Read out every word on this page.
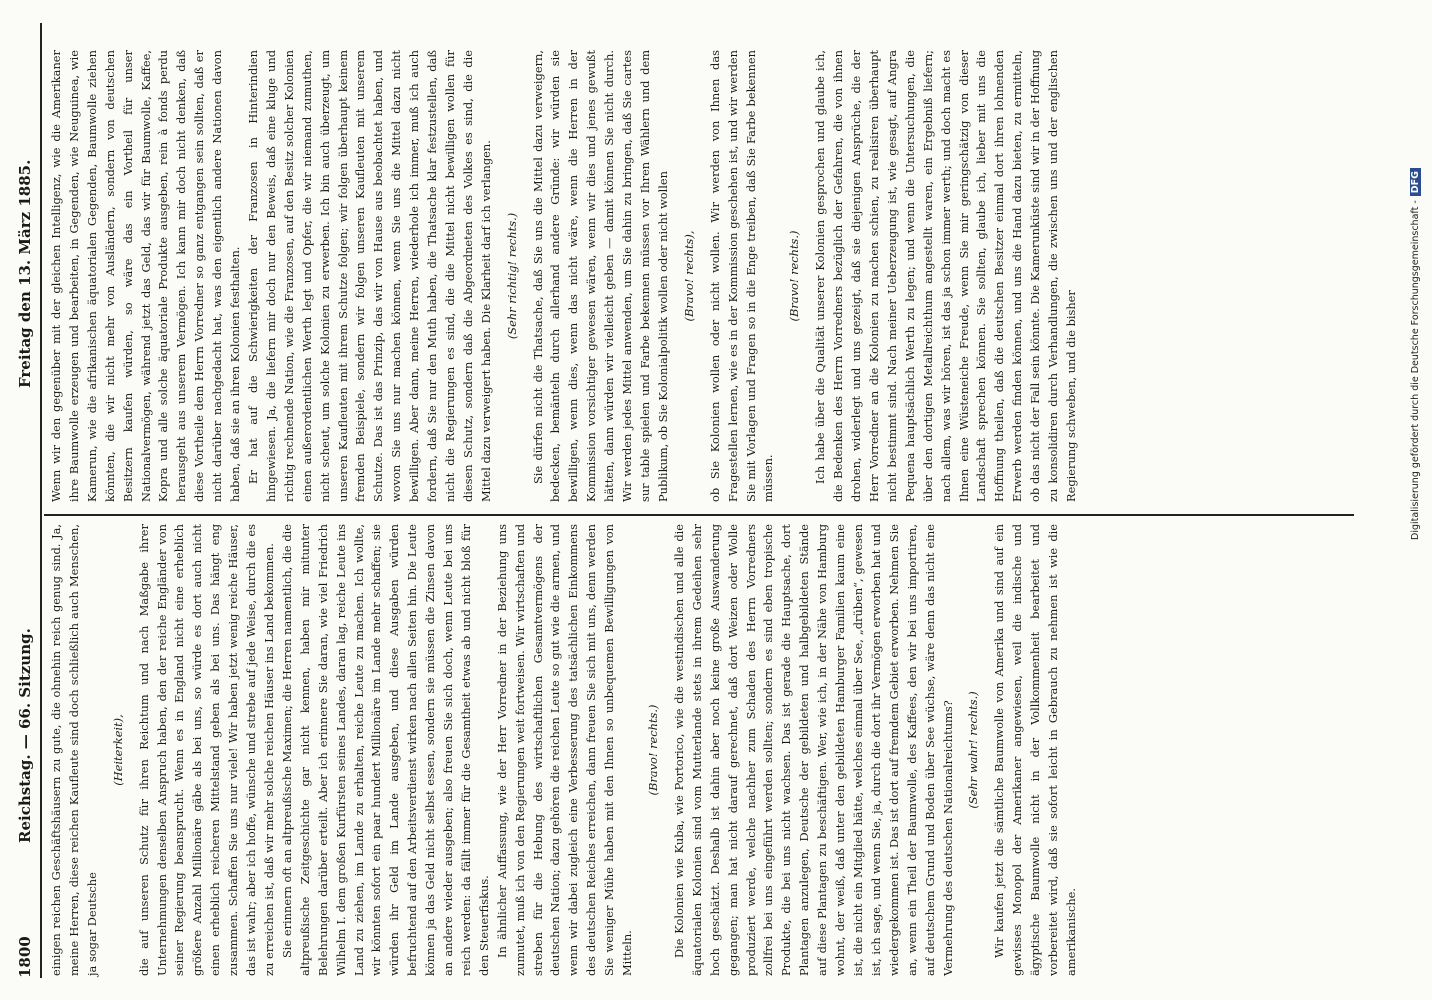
1800
Reichstag. — 66. Sitzung.
Freitag den 13. März 1885.

einigen reichen Geschäftshäusern zu gute, die ohnehin reich genug sind. Ja, meine Herren, diese reichen Kaufleute sind doch schließlich auch Menschen, ja sogar Deutsche

(Heiterkeit), die auf unseren Schutz für ihren Reichtum und nach Maßgabe ihrer Unternehmungen denselben Anspruch haben, den der reiche Engländer von seiner Regierung beansprucht. Wenn es in England nicht eine erheblich größere Anzahl Millionäre gäbe als bei uns, so würde es dort auch nicht einen erheblich reicheren Mittelstand geben als bei uns. Das hängt eng zusammen. Schaffen Sie uns nur viele! Wir haben jetzt wenig reiche Häuser, das ist wahr; aber ich hoffe, wünsche und strebe auf jede Weise, durch die es zu erreichen ist, daß wir mehr solche reichen Häuser ins Land bekommen. Sie erinnern oft an altpreußische Maximen; die Herren namentlich, die die altpreußische Zeitgeschichte gar nicht kennen, haben mir mitunter Belehrungen darüber erteilt. Aber ich erinnere Sie daran, wie viel Friedrich Wilhelm I. dem großen Kurfürsten seines Landes, daran lag, reiche Leute ins Land zu ziehen, im Lande zu erhalten, reiche Leute zu machen. Ich wollte, wir könnten sofort ein paar hundert Millionäre im Lande mehr schaffen; sie würden ihr Geld im Lande ausgeben, und diese Ausgaben würden befruchtend auf den Arbeitsverdienst wirken nach allen Seiten hin. Die Leute können ja das Geld nicht selbst essen, sondern sie müssen die Zinsen davon an andere wieder ausgeben; also freuen Sie sich doch, wenn Leute bei uns reich werden: da fällt immer für die Gesamtheit etwas ab und nicht bloß für den Steuerfiskus. In ähnlicher Auffassung, wie der Herr Vorredner in der Beziehung uns zumutet, muß ich von den Regierungen weit fortweisen. Wir wirtschaften und streben für die Hebung des wirtschaftlichen Gesamtvermögens der deutschen Nation; dazu gehören die reichen Leute so gut wie die armen, und wenn wir dabei zugleich eine Verbesserung des tatsächlichen Einkommens des deutschen Reiches erreichen, dann freuen Sie sich mit uns, denn werden Sie weniger Mühe haben mit den Ihnen so unbequemen Bewilligungen von Mitteln.

(Bravo! rechts.) Die Kolonien wie Kuba, wie Portorico, wie die westindischen und alle die äquatorialen Kolonien sind vom Mutterlande stets in ihrem Gedeihen sehr hoch geschätzt. Deshalb ist dahin aber noch keine große Auswanderung gegangen; man hat nicht darauf gerechnet, daß dort Weizen oder Wolle produziert werde, welche nachher zum Schaden des Herrn Vorredners zollfrei bei uns eingeführt werden sollten; sondern es sind eben tropische Produkte, die bei uns nicht wachsen. Das ist gerade die Hauptsache, dort Plantagen anzulegen, Deutsche der gebildeten und halbgebildeten Stände auf diese Plantagen zu beschäftigen. Wer, wie ich, in der Nähe von Hamburg wohnt, der weiß, daß unter den gebildeten Hamburger Familien kaum eine ist, die nicht ein Mitglied hätte, welches einmal über See, „drüben“, gewesen ist, ich sage, und wenn Sie, ja, durch die dort ihr Vermögen erworben hat und wiedergekommen ist. Das ist dort auf fremdem Gebiet erworben. Nehmen Sie an, wenn ein Theil der Baumwolle, des Kaffees, den wir bei uns importiren, auf deutschem Grund und Boden über See wüchse, wäre denn das nicht eine Vermehrung des deutschen Nationalreichtums? (Sehr wahr! rechts.) Wir kaufen jetzt die sämtliche Baumwolle von Amerika und sind auf ein gewisses Monopol der Amerikaner angewiesen, weil die indische und ägyptische Baumwolle nicht in der Vollkommenheit bearbeitet und vorbereitet wird, daß sie sofort leicht in Gebrauch zu nehmen ist wie die amerikanische.

Wenn wir den gegenüber mit der gleichen Intelligenz, wie die Amerikaner ihre Baumwolle erzeugen und bearbeiten, in Gegenden, wie Neuguinea, wie Kamerun, wie die afrikanischen äquatorialen Gegenden, Baumwolle ziehen könnten, die wir nicht mehr von Ausländern, sondern von deutschen Besitzern kaufen würden, so wäre das ein Vortheil für unser Nationalvermögen, während jetzt das Geld, das wir für Baumwolle, Kaffee, Kopra und alle solche äquatoriale Produkte ausgeben, rein à fonds perdu herausgeht aus unserem Vermögen. Ich kann mir doch nicht denken, daß diese Vortheile dem Herrn Vorredner so ganz entgangen sein sollten, daß er nicht darüber nachgedacht hat, was den eigentlich andere Nationen davon haben, daß sie an ihren Kolonien festhalten. Er hat auf die Schwierigkeiten der Franzosen in Hinterindien hingewiesen. Ja, die liefern mir doch nur den Beweis, daß eine kluge und richtig rechnende Nation, wie die Franzosen, auf den Besitz solcher Kolonien einen außerordentlichen Werth legt und Opfer, die wir niemand zumuthen, nicht scheut, um solche Kolonien zu erwerben. Ich bin auch überzeugt, um unseren Kaufleuten mit ihrem Schutze folgen; wir folgen überhaupt keinem fremden Beispiele, sondern wir folgen unseren Kaufleuten mit unserem Schutze. Das ist das Prinzip, das wir von Hause aus beobachtet haben, und wovon Sie uns nur machen können, wenn Sie uns die Mittel dazu nicht bewilligen. Aber dann, meine Herren, wiederhole ich immer, muß ich auch fordern, daß Sie nur den Muth haben, die Thatsache klar festzustellen, daß nicht die Regierungen es sind, die die Mittel nicht bewilligen wollen für diesen Schutz, sondern daß die Abgeordneten des Volkes es sind, die die Mittel dazu verweigert haben. Die Klarheit darf ich verlangen. (Sehr richtig! rechts.) Sie dürfen nicht die Thatsache, daß Sie uns die Mittel dazu verweigern, bedecken, bemänteln durch allerhand andere Gründe: wir würden sie bewilligen, wenn dies, wenn das nicht wäre, wenn die Herren in der Kommission vorsichtiger gewesen wären, wenn wir dies und jenes gewußt hätten, dann würden wir vielleicht geben — damit können Sie nicht durch. Wir werden jedes Mittel anwenden, um Sie dahin zu bringen, daß Sie cartes sur table spielen und Farbe bekennen müssen vor Ihren Wählern und dem Publikum, ob Sie Kolonialpolitik wollen oder nicht wollen (Bravo! rechts), ob Sie Kolonien wollen oder nicht wollen. Wir werden von Ihnen das Fragestellen lernen, wie es in der Kommission geschehen ist, und wir werden Sie mit Vorlagen und Fragen so in die Enge treiben, daß Sie Farbe bekennen müssen.

(Bravo! rechts.) Ich habe über die Qualität unserer Kolonien gesprochen und glaube ich, die Bedenken des Herrn Vorredners bezüglich der Gefahren, die von ihnen drohen, widerlegt und uns gezeigt, daß sie diejenigen Ansprüche, die der Herr Vorredner an die Kolonien zu machen schien, zu realisiren überhaupt nicht bestimmt sind. Nach meiner Ueberzeugung ist, wie gesagt, auf Angra Pequena hauptsächlich Werth zu legen; und wenn die Untersuchungen, die über den dortigen Metallreichthum angestellt waren, ein Ergebniß liefern; nach allem, was wir hören, ist das ja schon immer werth; und doch macht es Ihnen eine Wüsteneiche Freude, wenn Sie mir geringschätzig von dieser Landschaft sprechen können. Sie sollten, glaube ich, lieber mit uns die Hoffnung theilen, daß die deutschen Besitzer einmal dort ihren lohnenden Erwerb werden finden können, und uns die Hand dazu bieten, zu ermitteln, ob das nicht der Fall sein könnte. Die Kamerunküste sind wir in der Hoffnung zu konsolidiren durch Verhandlungen, die zwischen uns und der englischen Regierung schweben, und die bisher	Digitalisierung gefördert durch die Deutsche Forschungsgemeinschaft -DFG
